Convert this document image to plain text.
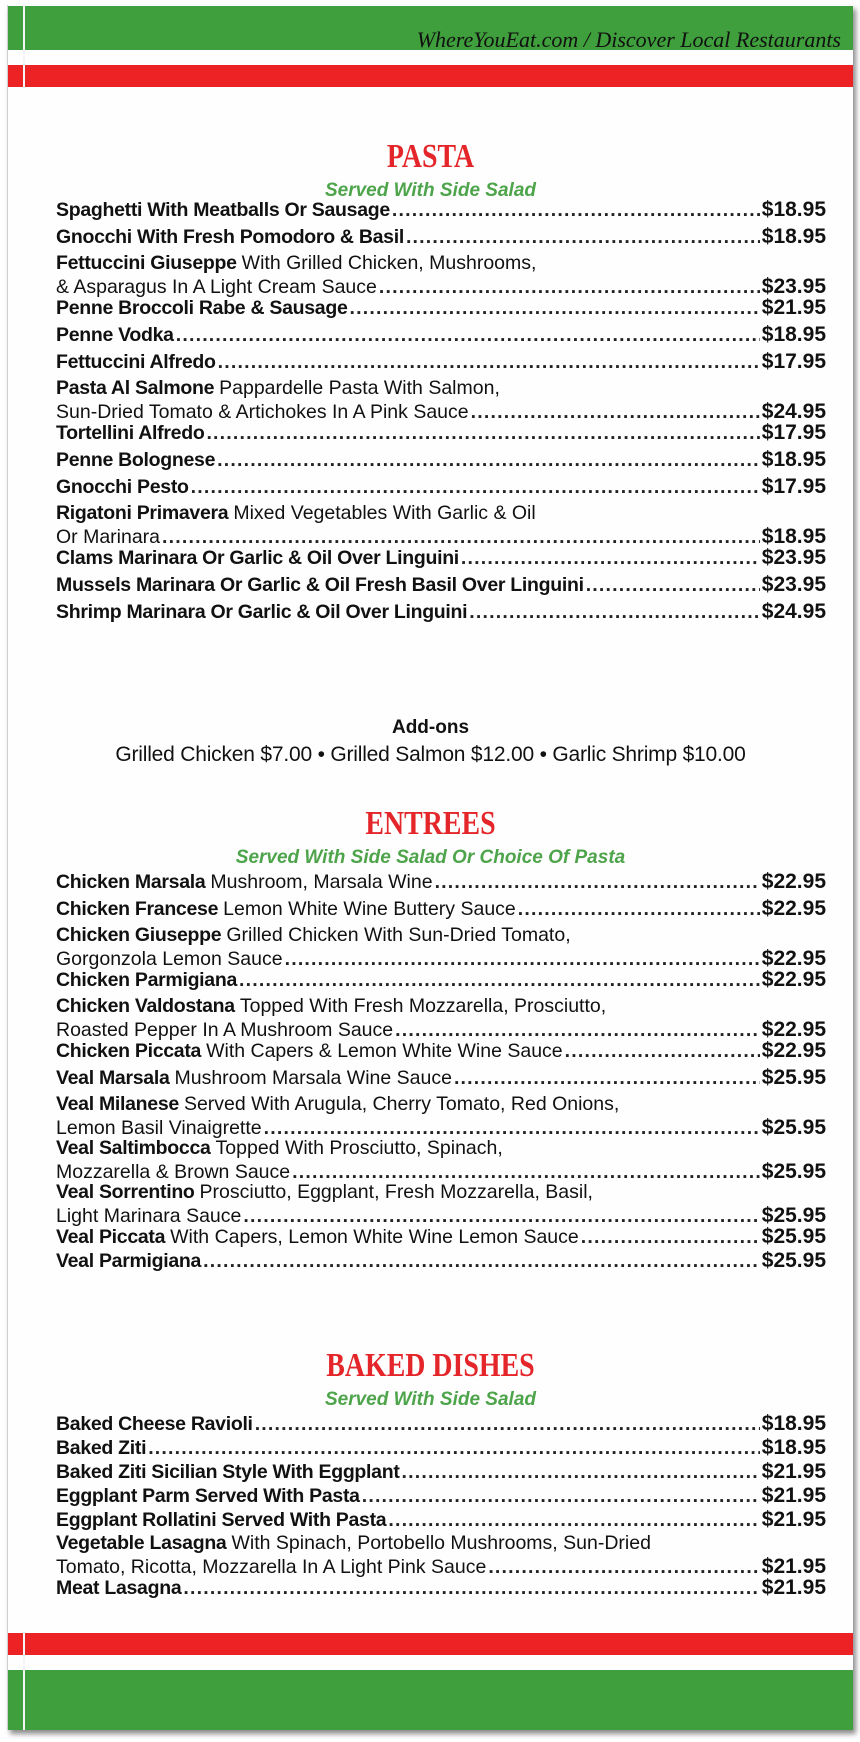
WhereYouEat.com / Discover Local Restaurants
PASTA
Served With Side Salad
Spaghetti With Meatballs Or Sausage .....	$18.95
Gnocchi With Fresh Pomodoro & Basil .....	$18.95
Fettuccini Giuseppe With Grilled Chicken, Mushrooms,
& Asparagus In A Light Cream Sauce .....	$23.95
Penne Broccoli Rabe & Sausage .....	$21.95
Penne Vodka .....	$18.95
Fettuccini Alfredo .....	$17.95
Pasta Al Salmone Pappardelle Pasta With Salmon,
Sun-Dried Tomato & Artichokes In A Pink Sauce .....	$24.95
Tortellini Alfredo .....	$17.95
Penne Bolognese .....	$18.95
Gnocchi Pesto .....	$17.95
Rigatoni Primavera Mixed Vegetables With Garlic & Oil
Or Marinara .....	$18.95
Clams Marinara Or Garlic & Oil Over Linguini .....	$23.95
Mussels Marinara Or Garlic & Oil Fresh Basil Over Linguini .....	$23.95
Shrimp Marinara Or Garlic & Oil Over Linguini .....	$24.95
Add-ons
Grilled Chicken $7.00 • Grilled Salmon $12.00 • Garlic Shrimp $10.00
ENTREES
Served With Side Salad Or Choice Of Pasta
Chicken Marsala Mushroom, Marsala Wine .....	$22.95
Chicken Francese Lemon White Wine Buttery Sauce .....	$22.95
Chicken Giuseppe Grilled Chicken With Sun-Dried Tomato,
Gorgonzola Lemon Sauce .....	$22.95
Chicken Parmigiana .....	$22.95
Chicken Valdostana Topped With Fresh Mozzarella, Prosciutto,
Roasted Pepper In A Mushroom Sauce .....	$22.95
Chicken Piccata With Capers & Lemon White Wine Sauce .....	$22.95
Veal Marsala Mushroom Marsala Wine Sauce .....	$25.95
Veal Milanese Served With Arugula, Cherry Tomato, Red Onions,
Lemon Basil Vinaigrette .....	$25.95
Veal Saltimbocca Topped With Prosciutto, Spinach,
Mozzarella & Brown Sauce .....	$25.95
Veal Sorrentino Prosciutto, Eggplant, Fresh Mozzarella, Basil,
Light Marinara Sauce .....	$25.95
Veal Piccata With Capers, Lemon White Wine Lemon Sauce .....	$25.95
Veal Parmigiana .....	$25.95
BAKED DISHES
Served With Side Salad
Baked Cheese Ravioli .....	$18.95
Baked Ziti .....	$18.95
Baked Ziti Sicilian Style With Eggplant .....	$21.95
Eggplant Parm Served With Pasta .....	$21.95
Eggplant Rollatini Served With Pasta .....	$21.95
Vegetable Lasagna With Spinach, Portobello Mushrooms, Sun-Dried
Tomato, Ricotta, Mozzarella In A Light Pink Sauce .....	$21.95
Meat Lasagna .....	$21.95
